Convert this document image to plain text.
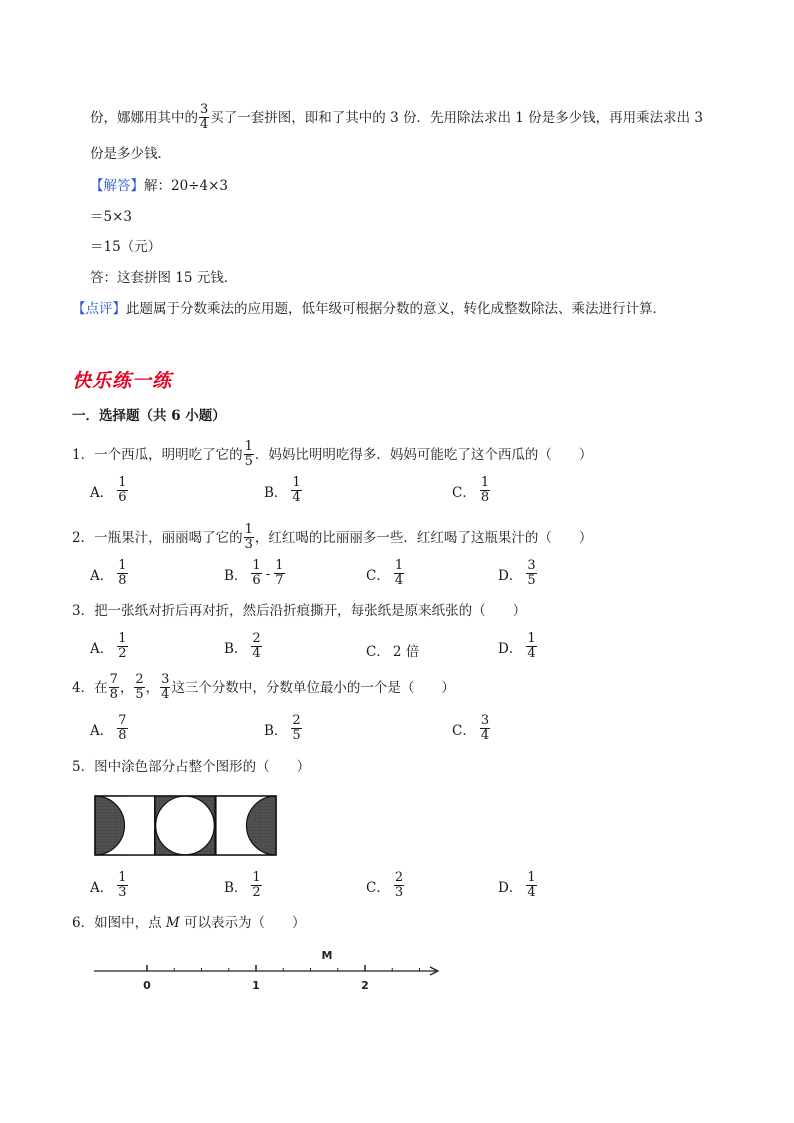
份，娜娜用其中的 $\frac{3}{4}$ 买了一套拼图，即和了其中的 3 份．先用除法求出 1 份是多少钱，再用乘法求出 3
份是多少钱．
【解答】解：20÷4×3
＝5×3
＝15（元）
答：这套拼图 15 元钱．
【点评】此题属于分数乘法的应用题，低年级可根据分数的意义，转化成整数除法、乘法进行计算．
快乐练一练
一．选择题（共 6 小题）
1．一个西瓜，明明吃了它的 $\frac{1}{5}$ ．妈妈比明明吃得多．妈妈可能吃了这个西瓜的（　　）
A． $\frac{1}{6}$	B． $\frac{1}{4}$	C． $\frac{1}{8}$
2．一瓶果汁，丽丽喝了它的 $\frac{1}{3}$ ，红红喝的比丽丽多一些．红红喝了这瓶果汁的（　　）
A． $\frac{1}{8}$	B． $\frac{1}{6} - \frac{1}{7}$	C． $\frac{1}{4}$	D． $\frac{3}{5}$
3．把一张纸对折后再对折，然后沿折痕撕开，每张纸是原来纸张的（　　）
A． $\frac{1}{2}$	B． $\frac{2}{4}$	C． 2 倍	D． $\frac{1}{4}$
4．在 $\frac{7}{8}$ ， $\frac{2}{5}$ ， $\frac{3}{4}$ 这三个分数中，分数单位最小的一个是（　　）
A． $\frac{7}{8}$	B． $\frac{2}{5}$	C． $\frac{3}{4}$
5．图中涂色部分占整个图形的（　　）
A． $\frac{1}{3}$	B． $\frac{1}{2}$	C． $\frac{2}{3}$	D． $\frac{1}{4}$
6．如图中，点 M 可以表示为（　　）
M
0	1	2
